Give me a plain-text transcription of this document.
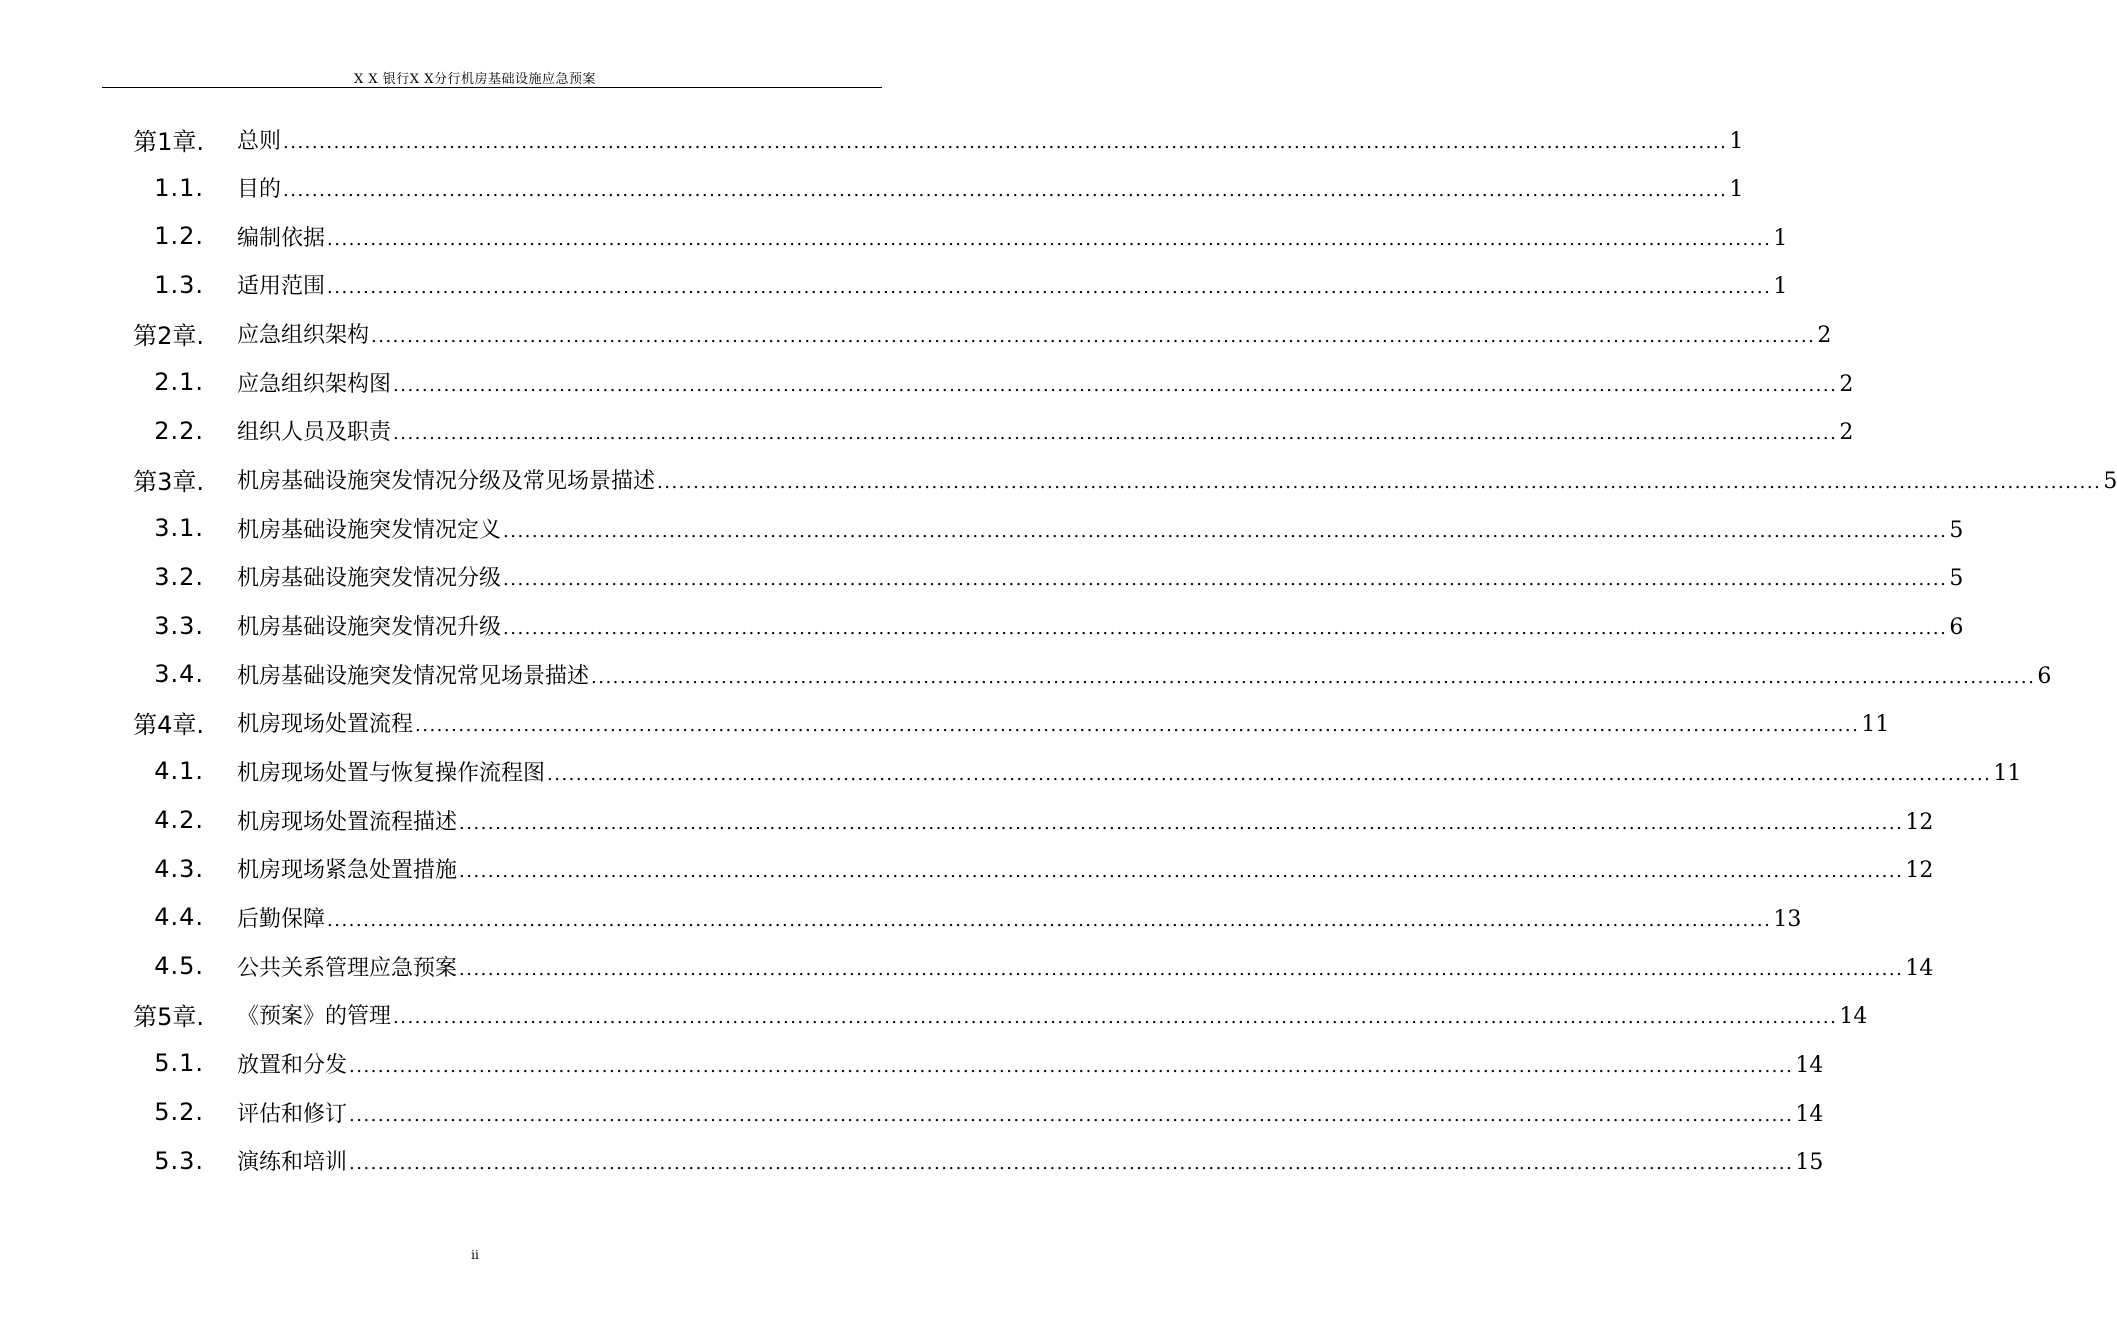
X X 银行X X分行机房基础设施应急预案
第1章. 总则 ........................................................................................................................................................................................................ 1
1.1. 目的 ........................................................................................................................................................................................................ 1
1.2. 编制依据 ........................................................................................................................................................................................................ 1
1.3. 适用范围 ........................................................................................................................................................................................................ 1
第2章. 应急组织架构 ........................................................................................................................................................................................................ 2
2.1. 应急组织架构图 ........................................................................................................................................................................................................ 2
2.2. 组织人员及职责 ........................................................................................................................................................................................................ 2
第3章. 机房基础设施突发情况分级及常见场景描述 ........................................................................................................................................................................................................ 5
3.1. 机房基础设施突发情况定义 ........................................................................................................................................................................................................ 5
3.2. 机房基础设施突发情况分级 ........................................................................................................................................................................................................ 5
3.3. 机房基础设施突发情况升级 ........................................................................................................................................................................................................ 6
3.4. 机房基础设施突发情况常见场景描述 ........................................................................................................................................................................................................ 6
第4章. 机房现场处置流程 ........................................................................................................................................................................................................ 11
4.1. 机房现场处置与恢复操作流程图 ........................................................................................................................................................................................................ 11
4.2. 机房现场处置流程描述 ........................................................................................................................................................................................................ 12
4.3. 机房现场紧急处置措施 ........................................................................................................................................................................................................ 12
4.4. 后勤保障 ........................................................................................................................................................................................................ 13
4.5. 公共关系管理应急预案 ........................................................................................................................................................................................................ 14
第5章. 《预案》的管理 ........................................................................................................................................................................................................ 14
5.1. 放置和分发 ........................................................................................................................................................................................................ 14
5.2. 评估和修订 ........................................................................................................................................................................................................ 14
5.3. 演练和培训 ........................................................................................................................................................................................................ 15
ii
